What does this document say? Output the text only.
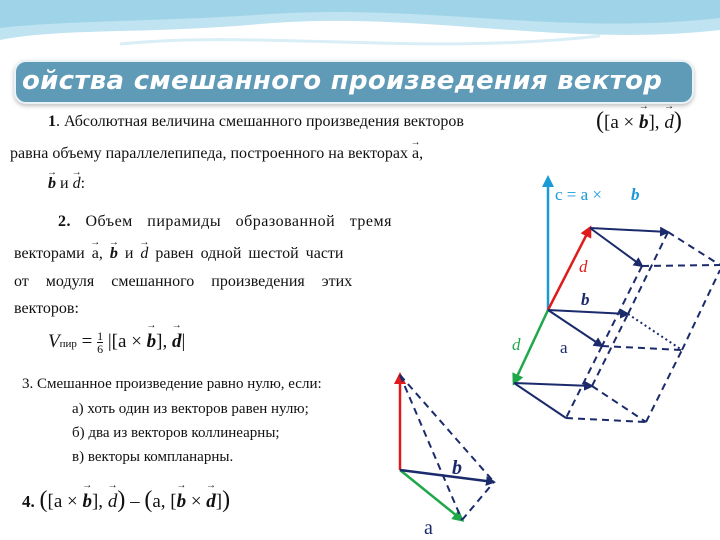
ойства смешанного произведения вектор
1. Абсолютная величина смешанного произведения векторов	([a × → b], → d)
равна объему параллелепипеда, построенного на векторах → a,
→ b и → d:
2. Объем пирамиды образованной тремя
векторами → a, → b и → d равен одной шестой части
от модуля смешанного произведения этих
векторов:
Vпир = $\frac{1}{6} |[a$ × → b], → d|
3. Смешанное произведение равно нулю, если:
а) хоть один из векторов равен нулю;
б) два из векторов коллинеарны;
в) векторы компланарны.
4. ([a × → b], → d) – (a, [→ b × → d])
c = a × b
d
b
d a
b
a
